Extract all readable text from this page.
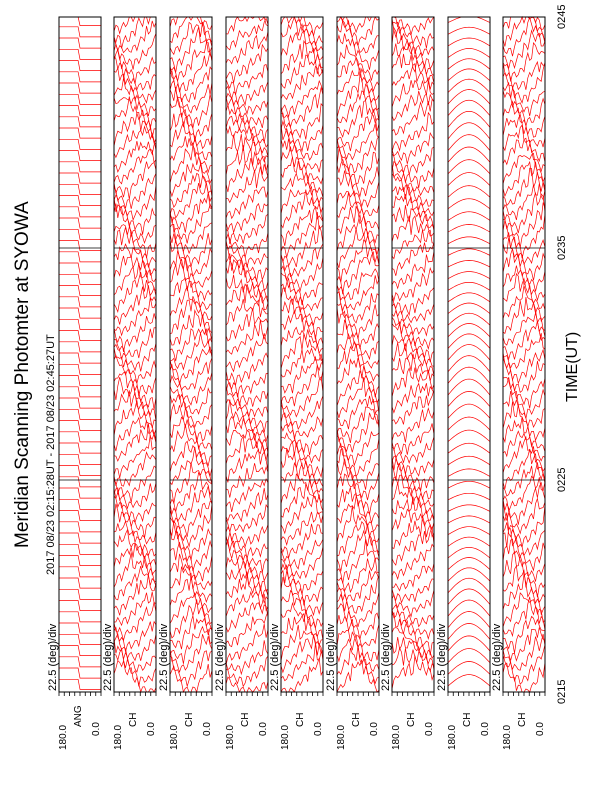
Meridian Scanning Photomter at SYOWA 2017 08/23 02:15:28UT - 2017 08/23 02:45:27UT	TIME(UT)
0215
0225
0235
0245
22.5 (deg)/div
180.0 0.0
ANG
22.5 (deg)/div
180.0 0.0
CH
22.5 (deg)/div
180.0 0.0
CH
22.5 (deg)/div
180.0 0.0
CH
22.5 (deg)/div
180.0 0.0
CH
22.5 (deg)/div
180.0 0.0
CH
22.5 (deg)/div
180.0 0.0
CH
22.5 (deg)/div
180.0 0.0
CH
22.5 (deg)/div
180.0 0.0
CH
